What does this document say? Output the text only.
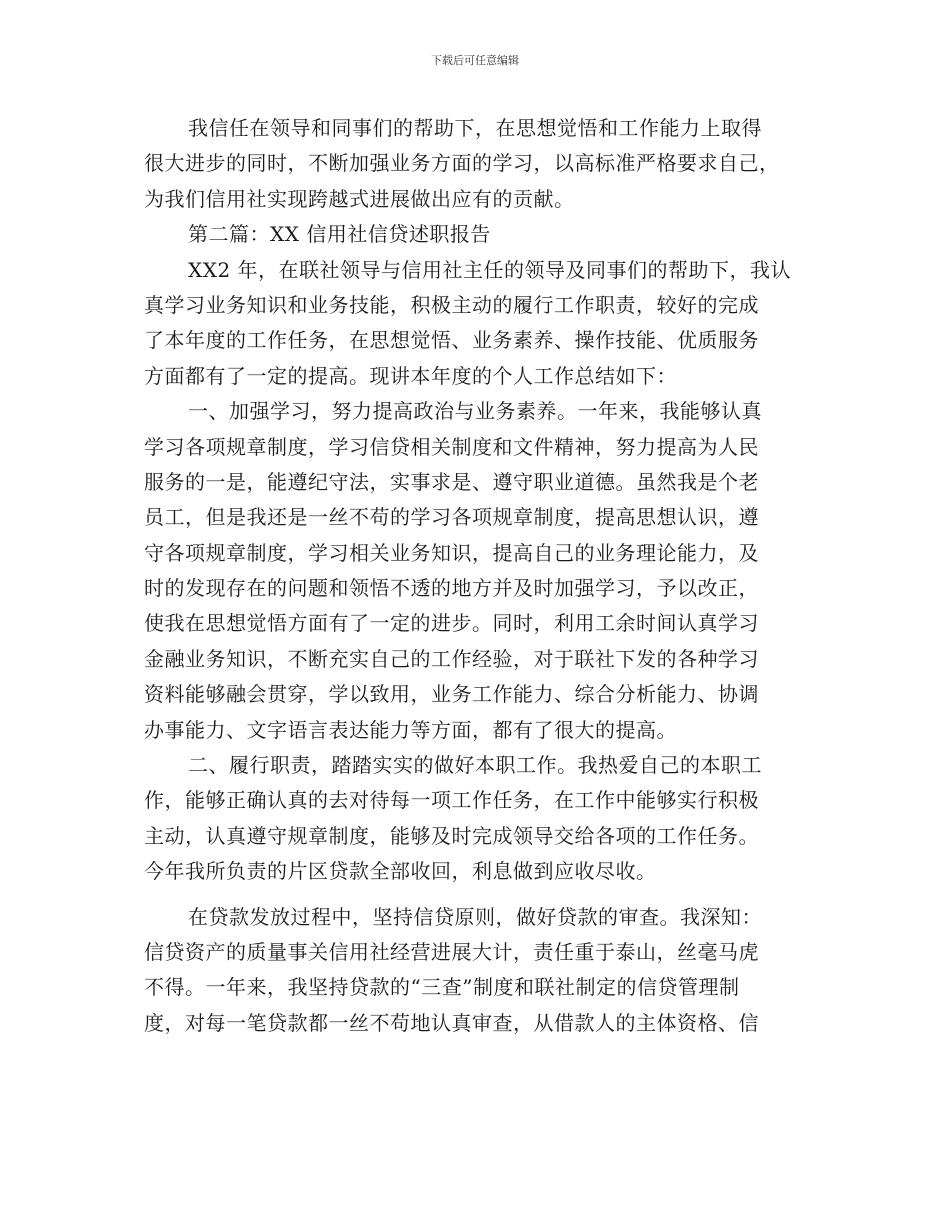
下载后可任意编辑
我信任在领导和同事们的帮助下，在思想觉悟和工作能力上取得
很大进步的同时，不断加强业务方面的学习，以高标准严格要求自己，
为我们信用社实现跨越式进展做出应有的贡献。
第二篇：XX 信用社信贷述职报告
XX2 年，在联社领导与信用社主任的领导及同事们的帮助下，我认
真学习业务知识和业务技能，积极主动的履行工作职责，较好的完成
了本年度的工作任务，在思想觉悟、业务素养、操作技能、优质服务
方面都有了一定的提高。现讲本年度的个人工作总结如下：
一、加强学习，努力提高政治与业务素养。一年来，我能够认真
学习各项规章制度，学习信贷相关制度和文件精神，努力提高为人民
服务的一是，能遵纪守法，实事求是、遵守职业道德。虽然我是个老
员工，但是我还是一丝不苟的学习各项规章制度，提高思想认识，遵
守各项规章制度，学习相关业务知识，提高自己的业务理论能力，及
时的发现存在的问题和领悟不透的地方并及时加强学习，予以改正，
使我在思想觉悟方面有了一定的进步。同时，利用工余时间认真学习
金融业务知识，不断充实自己的工作经验，对于联社下发的各种学习
资料能够融会贯穿，学以致用，业务工作能力、综合分析能力、协调
办事能力、文字语言表达能力等方面，都有了很大的提高。
二、履行职责，踏踏实实的做好本职工作。我热爱自己的本职工
作，能够正确认真的去对待每一项工作任务，在工作中能够实行积极
主动，认真遵守规章制度，能够及时完成领导交给各项的工作任务。
今年我所负责的片区贷款全部收回，利息做到应收尽收。
在贷款发放过程中，坚持信贷原则，做好贷款的审查。我深知：
信贷资产的质量事关信用社经营进展大计，责任重于泰山，丝毫马虎
不得。一年来，我坚持贷款的“三查”制度和联社制定的信贷管理制
度，对每一笔贷款都一丝不苟地认真审查，从借款人的主体资格、信
